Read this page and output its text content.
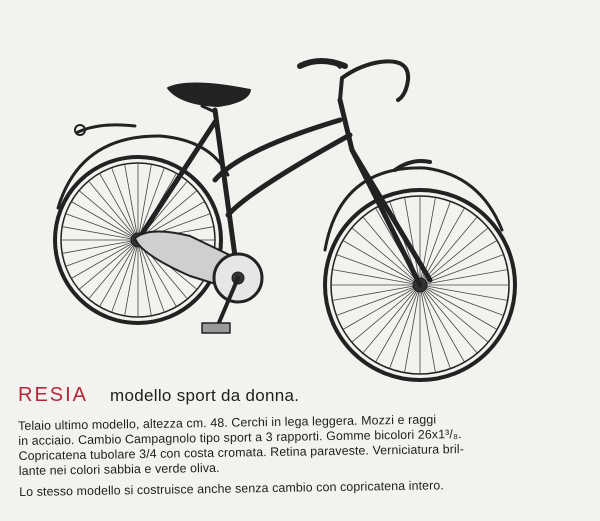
RESIA modello sport da donna.
Telaio ultimo modello, altezza cm. 48. Cerchi in lega leggera. Mozzi e raggi
in acciaio. Cambio Campagnolo tipo sport a 3 rapporti. Gomme bicolori 26x1³/₈.
Copricatena tubolare 3/4 con costa cromata. Retina paraveste. Verniciatura bril-
lante nei colori sabbia e verde oliva.
Lo stesso modello si costruisce anche senza cambio con copricatena intero.
